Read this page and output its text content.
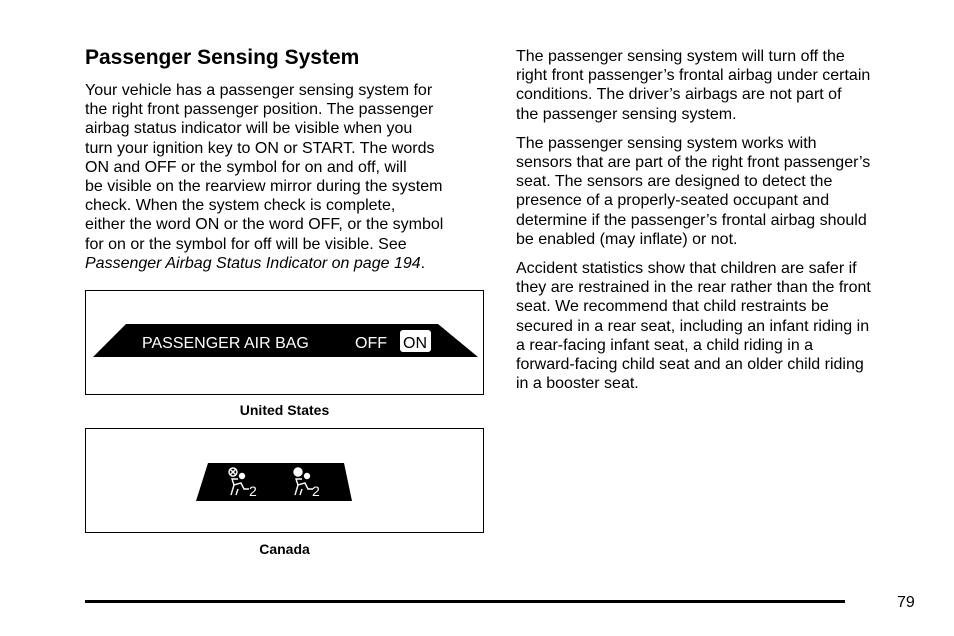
Passenger Sensing System
Your vehicle has a passenger sensing system for
the right front passenger position. The passenger
airbag status indicator will be visible when you
turn your ignition key to ON or START. The words
ON and OFF or the symbol for on and off, will
be visible on the rearview mirror during the system
check. When the system check is complete,
either the word ON or the word OFF, or the symbol
for on or the symbol for off will be visible. See
Passenger Airbag Status Indicator on page 194.
PASSENGER AIR BAG	OFF ON
United States
2	2
Canada

The passenger sensing system will turn off the
right front passenger’s frontal airbag under certain
conditions. The driver’s airbags are not part of
the passenger sensing system.

The passenger sensing system works with
sensors that are part of the right front passenger’s
seat. The sensors are designed to detect the
presence of a properly-seated occupant and
determine if the passenger’s frontal airbag should
be enabled (may inflate) or not.

Accident statistics show that children are safer if
they are restrained in the rear rather than the front
seat. We recommend that child restraints be
secured in a rear seat, including an infant riding in
a rear-facing infant seat, a child riding in a
forward-facing child seat and an older child riding
in a booster seat.

79
